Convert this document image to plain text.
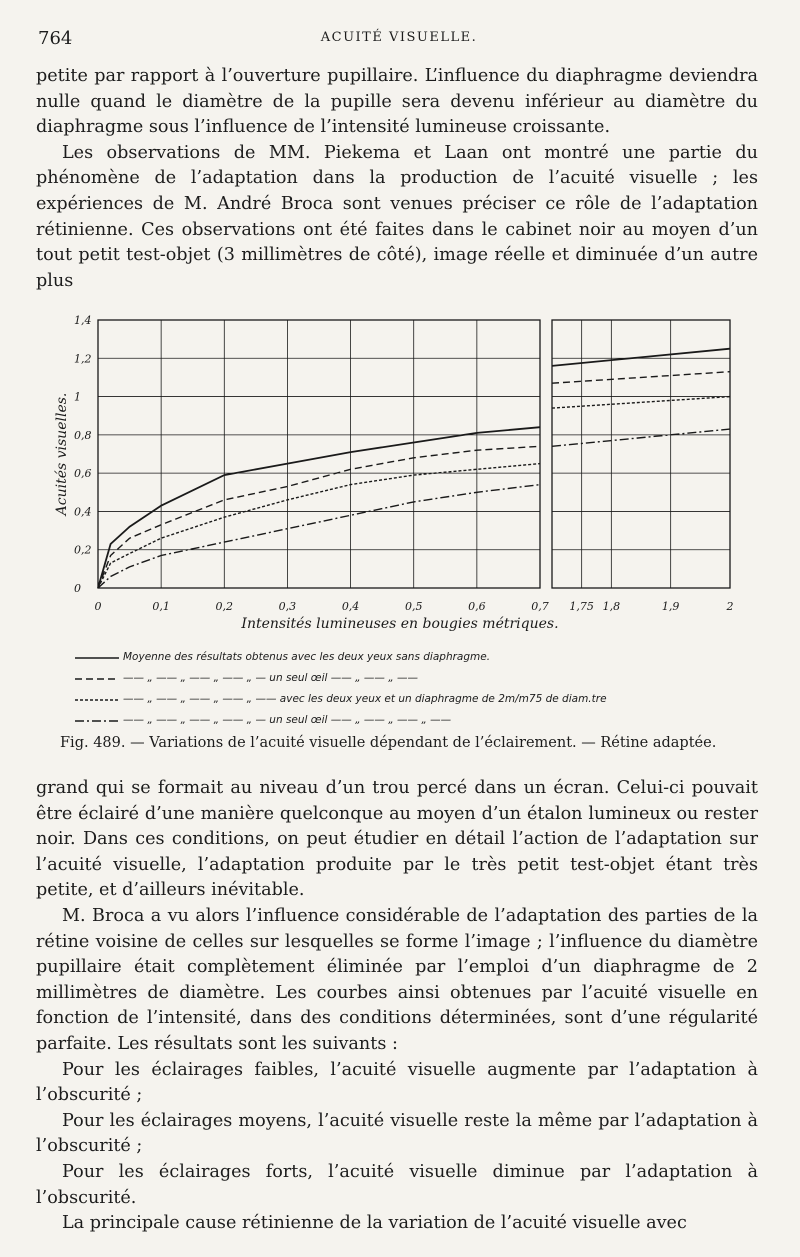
764	ACUITÉ VISUELLE.

petite par rapport à l’ouverture pupillaire. L’influence du diaphragme deviendra nulle quand le diamètre de la pupille sera devenu inférieur au diamètre du diaphragme sous l’influence de l’intensité lumineuse croissante.

Les observations de MM. Piekema et Laan ont montré une partie du phénomène de l’adaptation dans la production de l’acuité visuelle ; les expériences de M. André Broca sont venues préciser ce rôle de l’adaptation rétinienne. Ces observations ont été faites dans le cabinet noir au moyen d’un tout petit test-objet (3 millimètres de côté), image réelle et diminuée d’un autre plus

0
0,2
0,4
0,6
0,8
1
1,2
1,4
0	0,1	0,2	0,3	0,4	0,5	0,6	0,7 1,75 1,8	1,9	2
Acuités visuelles.
Intensités lumineuses en bougies métriques.
Moyenne des résultats obtenus avec les deux yeux sans diaphragme.
—— „ —— „ —— „ —— „ — un seul œil —— „ —— „ ——
—— „ —— „ —— „ —— „ —— avec les deux yeux et un diaphragme de 2m/m75 de diam.tre
—— „ —— „ —— „ —— „ — un seul œil —— „ —— „ —— „ ——
Fig. 489. — Variations de l’acuité visuelle dépendant de l’éclairement. — Rétine adaptée.

grand qui se formait au niveau d’un trou percé dans un écran. Celui-ci pouvait être éclairé d’une manière quelconque au moyen d’un étalon lumineux ou rester noir. Dans ces conditions, on peut étudier en détail l’action de l’adaptation sur l’acuité visuelle, l’adaptation produite par le très petit test-objet étant très petite, et d’ailleurs inévitable.

M. Broca a vu alors l’influence considérable de l’adaptation des parties de la rétine voisine de celles sur lesquelles se forme l’image ; l’influence du diamètre pupillaire était complètement éliminée par l’emploi d’un diaphragme de 2 millimètres de diamètre. Les courbes ainsi obtenues par l’acuité visuelle en fonction de l’intensité, dans des conditions déterminées, sont d’une régularité parfaite. Les résultats sont les suivants :

Pour les éclairages faibles, l’acuité visuelle augmente par l’adaptation à l’obscurité ;

Pour les éclairages moyens, l’acuité visuelle reste la même par l’adaptation à l’obscurité ;

Pour les éclairages forts, l’acuité visuelle diminue par l’adaptation à l’obscurité.

La principale cause rétinienne de la variation de l’acuité visuelle avec
